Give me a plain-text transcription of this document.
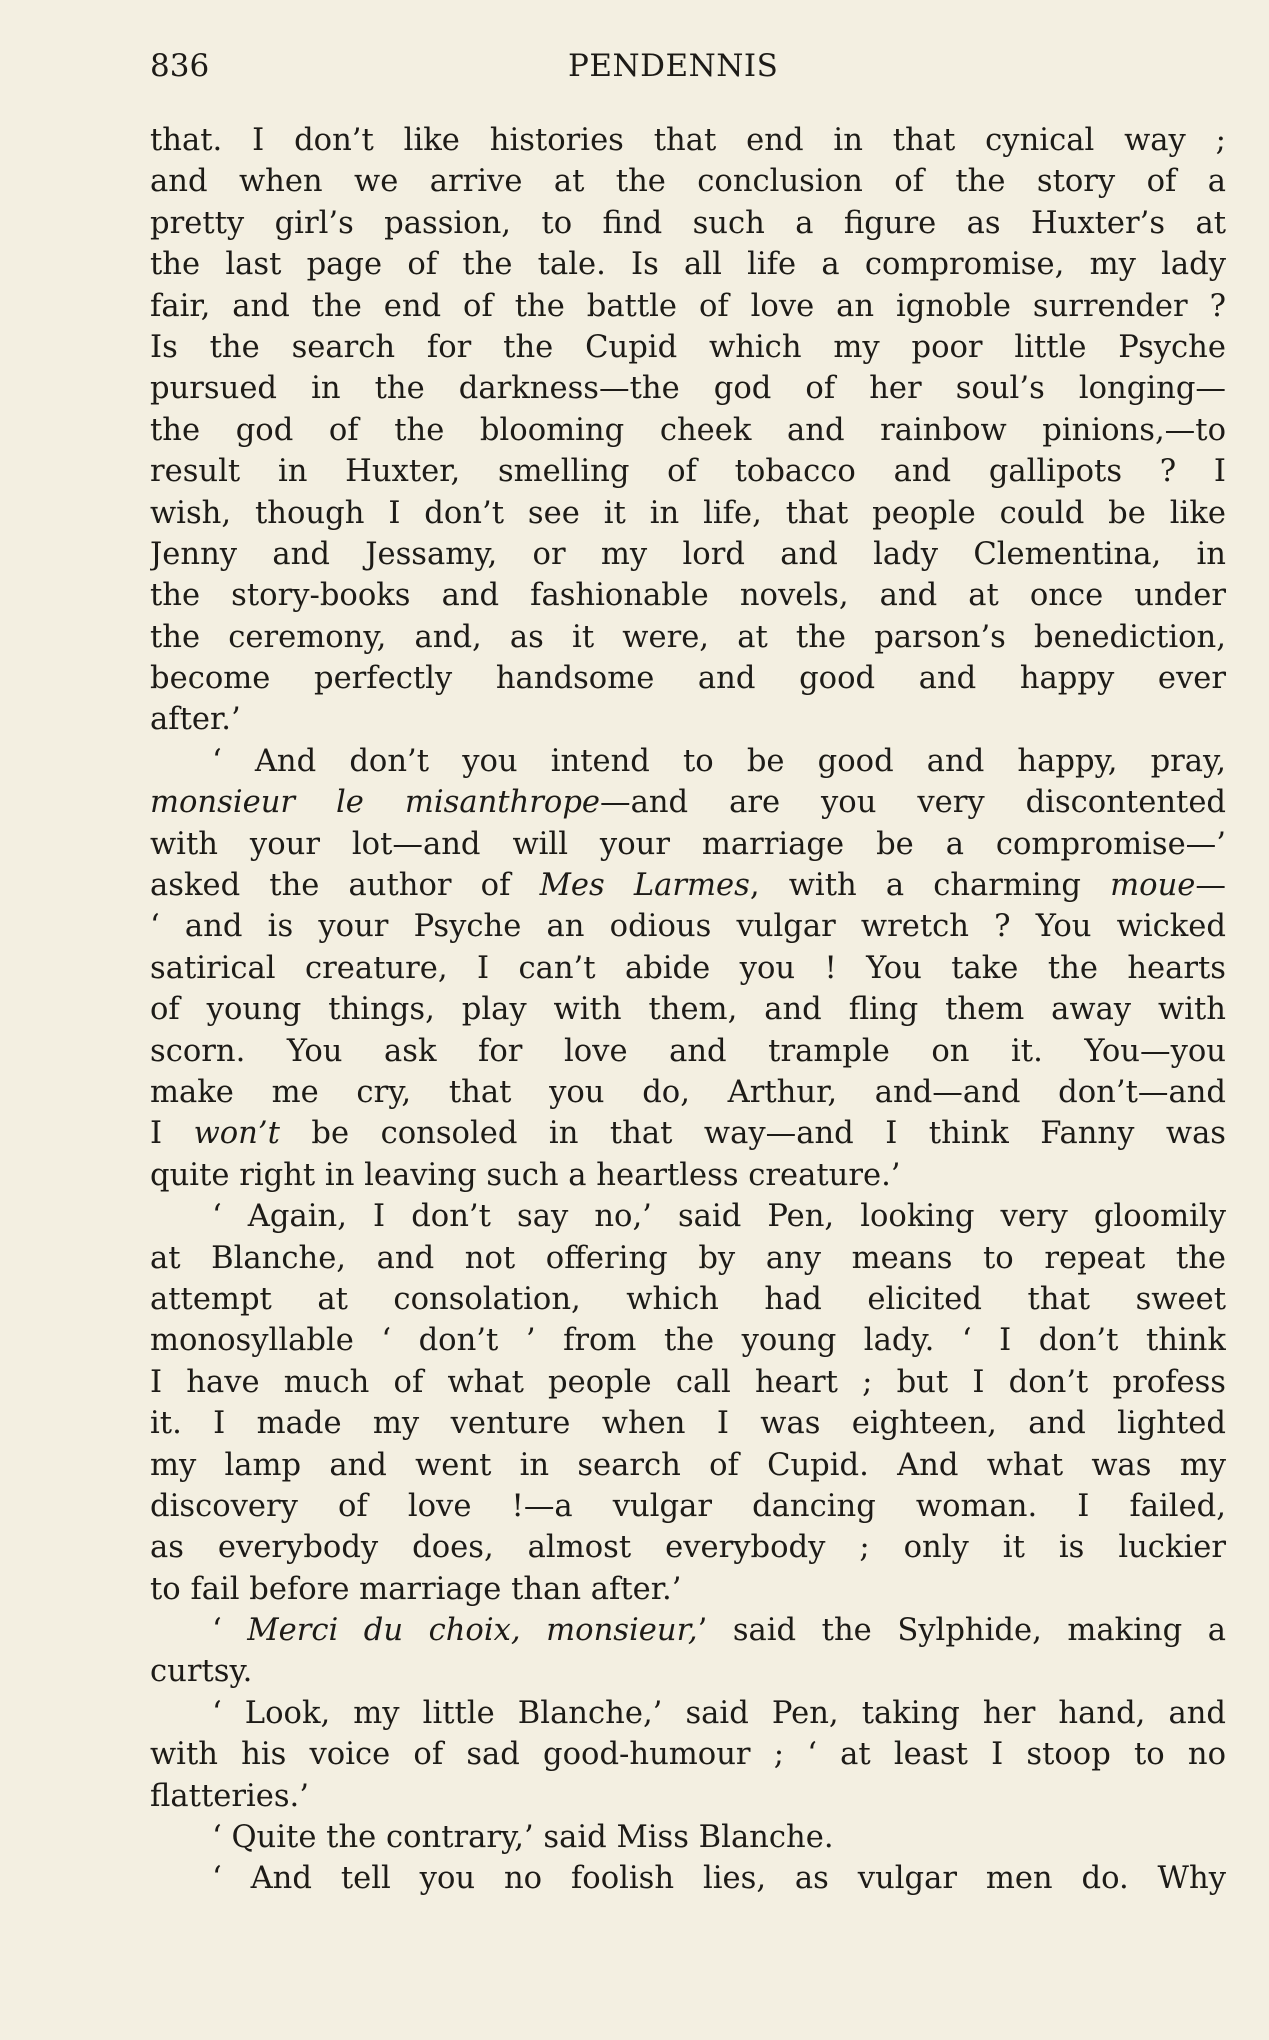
836	PENDENNIS
that. I don’t like histories that end in that cynical way ;
and when we arrive at the conclusion of the story of a
pretty girl’s passion, to find such a figure as Huxter’s at
the last page of the tale. Is all life a compromise, my lady
fair, and the end of the battle of love an ignoble surrender ?
Is the search for the Cupid which my poor little Psyche
pursued in the darkness—the god of her soul’s longing—
the god of the blooming cheek and rainbow pinions,—to
result in Huxter, smelling of tobacco and gallipots ? I
wish, though I don’t see it in life, that people could be like
Jenny and Jessamy, or my lord and lady Clementina, in
the story-books and fashionable novels, and at once under
the ceremony, and, as it were, at the parson’s benediction,
become perfectly handsome and good and happy ever
after.’
‘ And don’t you intend to be good and happy, pray,
monsieur le misanthrope—and are you very discontented
with your lot—and will your marriage be a compromise—’
asked the author of Mes Larmes, with a charming moue—
‘ and is your Psyche an odious vulgar wretch ? You wicked
satirical creature, I can’t abide you ! You take the hearts
of young things, play with them, and fling them away with
scorn. You ask for love and trample on it. You—you
make me cry, that you do, Arthur, and—and don’t—and
I won’t be consoled in that way—and I think Fanny was
quite right in leaving such a heartless creature.’
‘ Again, I don’t say no,’ said Pen, looking very gloomily
at Blanche, and not offering by any means to repeat the
attempt at consolation, which had elicited that sweet
monosyllable ‘ don’t ’ from the young lady. ‘ I don’t think
I have much of what people call heart ; but I don’t profess
it. I made my venture when I was eighteen, and lighted
my lamp and went in search of Cupid. And what was my
discovery of love !—a vulgar dancing woman. I failed,
as everybody does, almost everybody ; only it is luckier
to fail before marriage than after.’
‘ Merci du choix, monsieur,’ said the Sylphide, making a
curtsy.
‘ Look, my little Blanche,’ said Pen, taking her hand, and
with his voice of sad good-humour ; ‘ at least I stoop to no
flatteries.’
‘ Quite the contrary,’ said Miss Blanche.
‘ And tell you no foolish lies, as vulgar men do. Why
